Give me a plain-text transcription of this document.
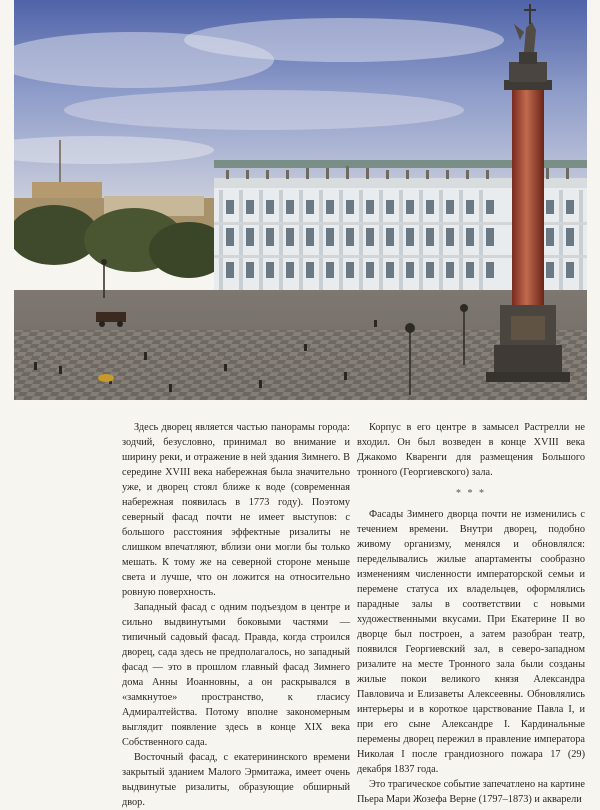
Здесь дворец является частью панорамы города: зодчий, безусловно, принимал во внимание и ширину реки, и отражение в ней здания Зимнего. В середине XVIII века набережная была значительно уже, и дворец стоял ближе к воде (современная набережная появилась в 1773 году). Поэтому северный фасад почти не имеет выступов: с большого расстояния эффектные ризалиты не слишком впечатляют, вблизи они могли бы только мешать. К тому же на северной стороне меньше света и лучше, что он ложится на относительно ровную поверхность.

Западный фасад с одним подъездом в центре и сильно выдвинутыми боковыми частями — типичный садовый фасад. Правда, когда строился дворец, сада здесь не предполагалось, но западный фасад — это в прошлом главный фасад Зимнего дома Анны Иоанновны, а он раскрывался в «замкнутое» пространство, к гласису Адмиралтейства. Потому вполне закономерным выглядит появление здесь в конце XIX века Собственного сада.

Восточный фасад, с екатерининского времени закрытый зданием Малого Эрмитажа, имеет очень выдвинутые ризалиты, образующие обширный двор.

Корпус в его центре в замысел Растрелли не входил. Он был возведен в конце XVIII века Джакомо Кваренги для размещения Большого тронного (Георгиевского) зала.

* * *

Фасады Зимнего дворца почти не изменились с течением времени. Внутри дворец, подобно живому организму, менялся и обновлялся: переделывались жилые апартаменты сообразно изменениям численности императорской семьи и перемене статуса их владельцев, оформлялись парадные залы в соответствии с новыми художественными вкусами. При Екатерине II во дворце был построен, а затем разобран театр, появился Георгиевский зал, в северо-западном ризалите на месте Тронного зала были созданы жилые покои великого князя Александра Павловича и Елизаветы Алексеевны. Обновлялись интерьеры и в короткое царствование Павла I, и при его сыне Александре I. Кардинальные перемены дворец пережил в правление императора Николая I после грандиозного пожара 17 (29) декабря 1837 года.

Это трагическое событие запечатлено на картине Пьера Мари Жозефа Верне (1797–1873) и акварели
